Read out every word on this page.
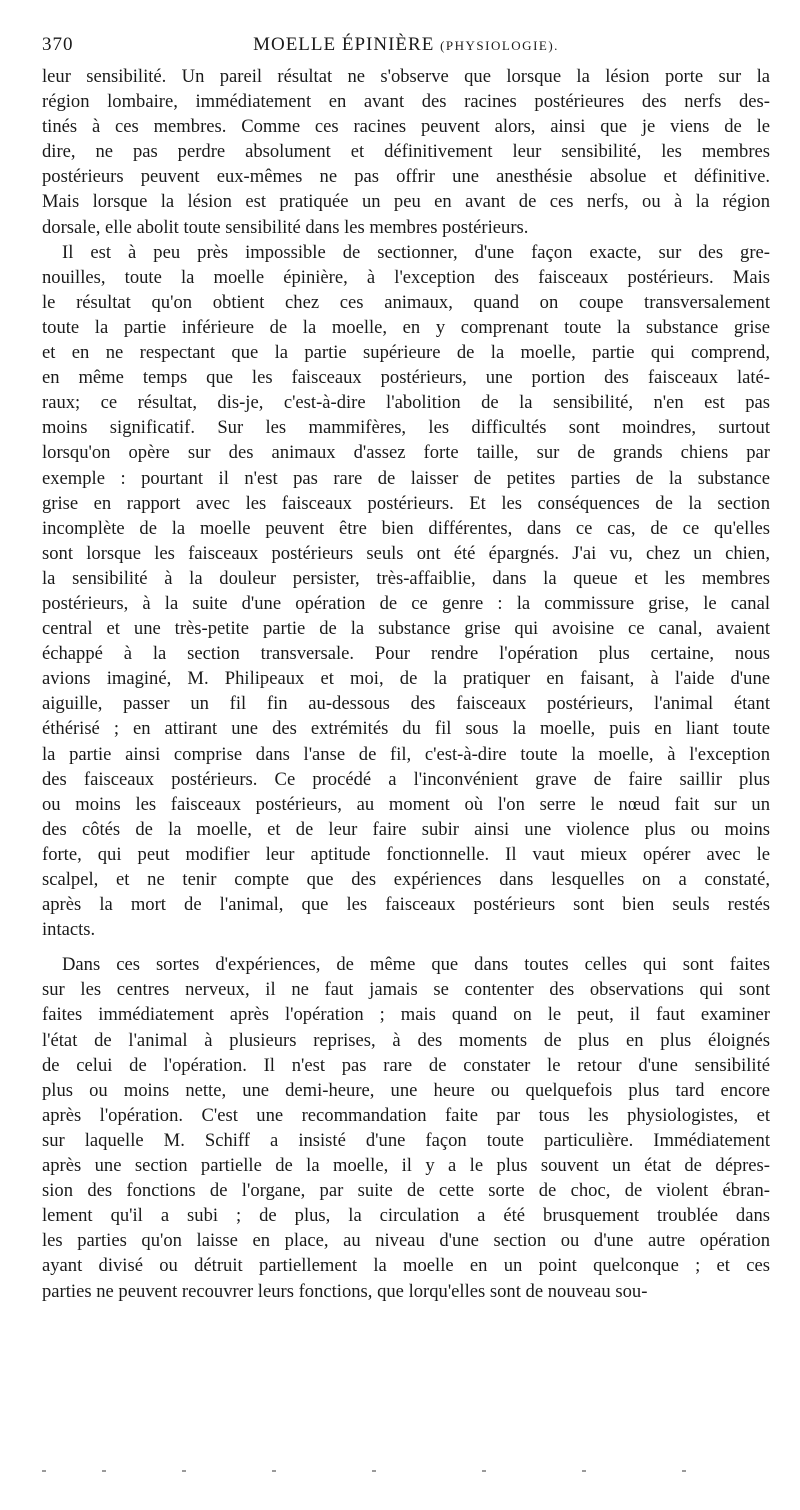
370	MOELLE ÉPINIÈRE (PHYSIOLOGIE).

leur sensibilité. Un pareil résultat ne s'observe que lorsque la lésion porte sur la
région lombaire, immédiatement en avant des racines postérieures des nerfs des-
tinés à ces membres. Comme ces racines peuvent alors, ainsi que je viens de le
dire, ne pas perdre absolument et définitivement leur sensibilité, les membres
postérieurs peuvent eux-mêmes ne pas offrir une anesthésie absolue et définitive.
Mais lorsque la lésion est pratiquée un peu en avant de ces nerfs, ou à la région
dorsale, elle abolit toute sensibilité dans les membres postérieurs.

Il est à peu près impossible de sectionner, d'une façon exacte, sur des gre-
nouilles, toute la moelle épinière, à l'exception des faisceaux postérieurs. Mais
le résultat qu'on obtient chez ces animaux, quand on coupe transversalement
toute la partie inférieure de la moelle, en y comprenant toute la substance grise
et en ne respectant que la partie supérieure de la moelle, partie qui comprend,
en même temps que les faisceaux postérieurs, une portion des faisceaux laté-
raux; ce résultat, dis-je, c'est-à-dire l'abolition de la sensibilité, n'en est pas
moins significatif. Sur les mammifères, les difficultés sont moindres, surtout
lorsqu'on opère sur des animaux d'assez forte taille, sur de grands chiens par
exemple : pourtant il n'est pas rare de laisser de petites parties de la substance
grise en rapport avec les faisceaux postérieurs. Et les conséquences de la section
incomplète de la moelle peuvent être bien différentes, dans ce cas, de ce qu'elles
sont lorsque les faisceaux postérieurs seuls ont été épargnés. J'ai vu, chez un chien,
la sensibilité à la douleur persister, très-affaiblie, dans la queue et les membres
postérieurs, à la suite d'une opération de ce genre : la commissure grise, le canal
central et une très-petite partie de la substance grise qui avoisine ce canal, avaient
échappé à la section transversale. Pour rendre l'opération plus certaine, nous
avions imaginé, M. Philipeaux et moi, de la pratiquer en faisant, à l'aide d'une
aiguille, passer un fil fin au-dessous des faisceaux postérieurs, l'animal étant
éthérisé ; en attirant une des extrémités du fil sous la moelle, puis en liant toute
la partie ainsi comprise dans l'anse de fil, c'est-à-dire toute la moelle, à l'exception
des faisceaux postérieurs. Ce procédé a l'inconvénient grave de faire saillir plus
ou moins les faisceaux postérieurs, au moment où l'on serre le nœud fait sur un
des côtés de la moelle, et de leur faire subir ainsi une violence plus ou moins
forte, qui peut modifier leur aptitude fonctionnelle. Il vaut mieux opérer avec le
scalpel, et ne tenir compte que des expériences dans lesquelles on a constaté,
après la mort de l'animal, que les faisceaux postérieurs sont bien seuls restés
intacts.

Dans ces sortes d'expériences, de même que dans toutes celles qui sont faites
sur les centres nerveux, il ne faut jamais se contenter des observations qui sont
faites immédiatement après l'opération ; mais quand on le peut, il faut examiner
l'état de l'animal à plusieurs reprises, à des moments de plus en plus éloignés
de celui de l'opération. Il n'est pas rare de constater le retour d'une sensibilité
plus ou moins nette, une demi-heure, une heure ou quelquefois plus tard encore
après l'opération. C'est une recommandation faite par tous les physiologistes, et
sur laquelle M. Schiff a insisté d'une façon toute particulière. Immédiatement
après une section partielle de la moelle, il y a le plus souvent un état de dépres-
sion des fonctions de l'organe, par suite de cette sorte de choc, de violent ébran-
lement qu'il a subi ; de plus, la circulation a été brusquement troublée dans
les parties qu'on laisse en place, au niveau d'une section ou d'une autre opération
ayant divisé ou détruit partiellement la moelle en un point quelconque ; et ces
parties ne peuvent recouvrer leurs fonctions, que lorqu'elles sont de nouveau sou-
